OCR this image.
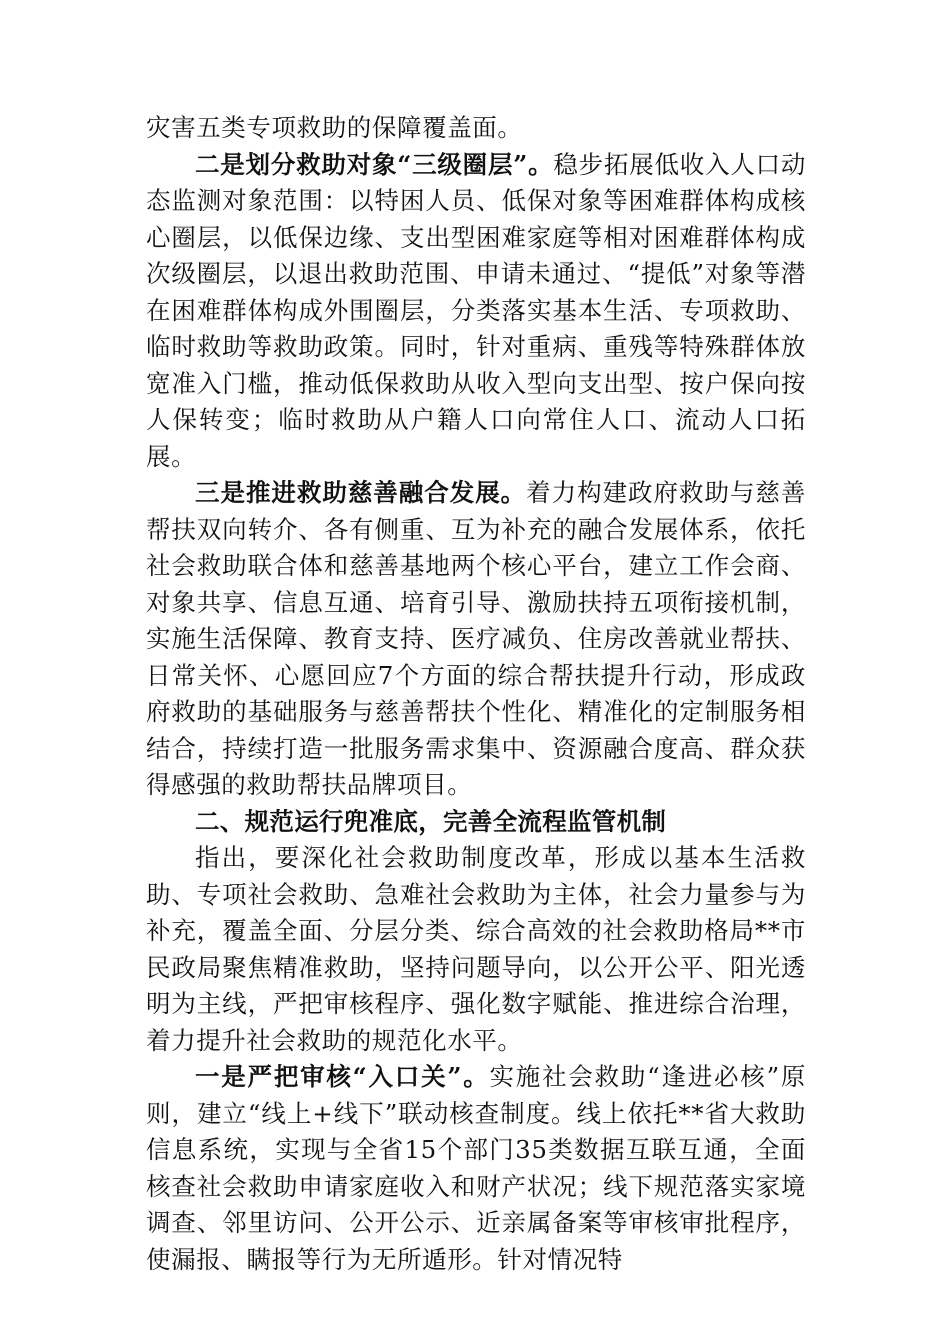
灾害五类专项救助的保障覆盖面。

二是划分救助对象“三级圈层”。稳步拓展低收入人口动态监测对象范围：以特困人员、低保对象等困难群体构成核心圈层，以低保边缘、支出型困难家庭等相对困难群体构成次级圈层，以退出救助范围、申请未通过、“提低”对象等潜在困难群体构成外围圈层，分类落实基本生活、专项救助、临时救助等救助政策。同时，针对重病、重残等特殊群体放宽准入门槛，推动低保救助从收入型向支出型、按户保向按人保转变；临时救助从户籍人口向常住人口、流动人口拓展。

三是推进救助慈善融合发展。着力构建政府救助与慈善帮扶双向转介、各有侧重、互为补充的融合发展体系，依托社会救助联合体和慈善基地两个核心平台，建立工作会商、对象共享、信息互通、培育引导、激励扶持五项衔接机制，实施生活保障、教育支持、医疗减负、住房改善就业帮扶、日常关怀、心愿回应7个方面的综合帮扶提升行动，形成政府救助的基础服务与慈善帮扶个性化、精准化的定制服务相结合，持续打造一批服务需求集中、资源融合度高、群众获得感强的救助帮扶品牌项目。

二、规范运行兜准底，完善全流程监管机制

指出，要深化社会救助制度改革，形成以基本生活救助、专项社会救助、急难社会救助为主体，社会力量参与为补充，覆盖全面、分层分类、综合高效的社会救助格局**市民政局聚焦精准救助，坚持问题导向，以公开公平、阳光透明为主线，严把审核程序、强化数字赋能、推进综合治理，着力提升社会救助的规范化水平。

一是严把审核“入口关”。实施社会救助“逢进必核”原则，建立“线上+线下”联动核查制度。线上依托**省大救助信息系统，实现与全省15个部门35类数据互联互通，全面核查社会救助申请家庭收入和财产状况；线下规范落实家境调查、邻里访问、公开公示、近亲属备案等审核审批程序，使漏报、瞒报等行为无所遁形。针对情况特
